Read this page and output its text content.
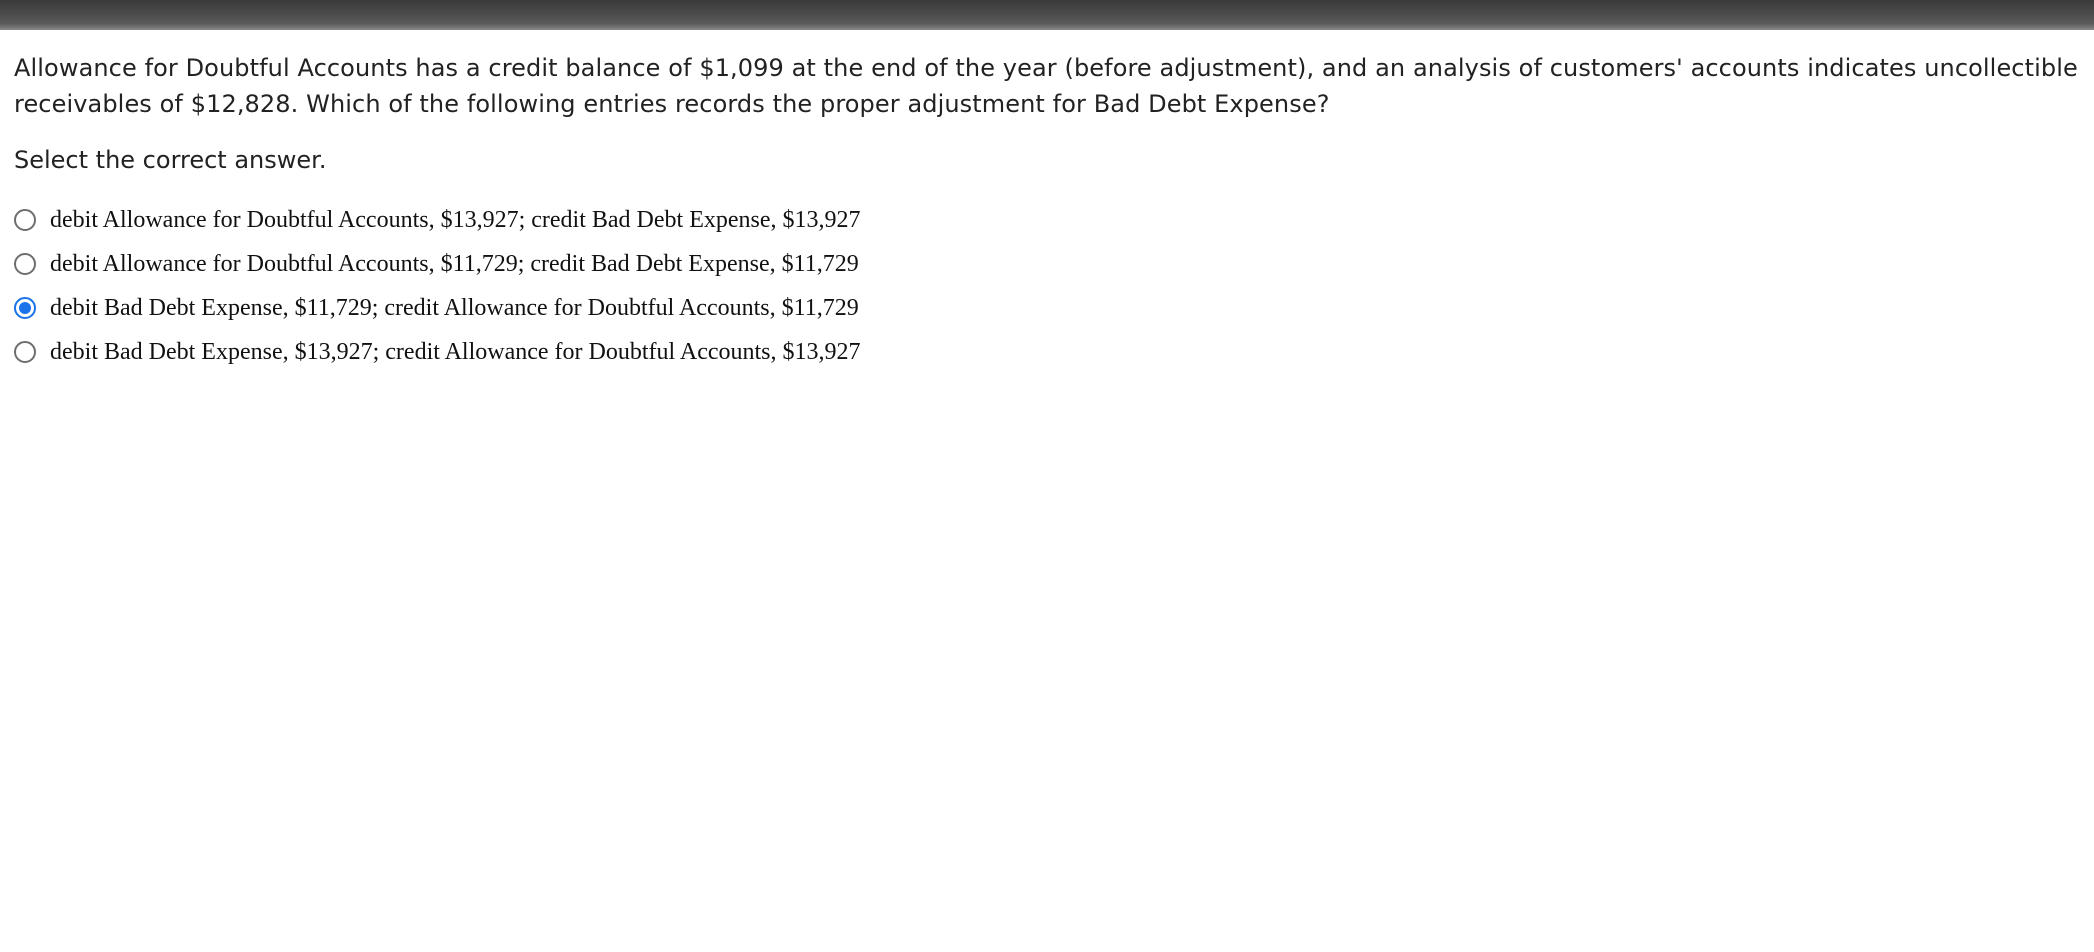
Allowance for Doubtful Accounts has a credit balance of $1,099 at the end of the year (before adjustment), and an analysis of customers' accounts indicates uncollectible receivables of $12,828. Which of the following entries records the proper adjustment for Bad Debt Expense?

Select the correct answer.

debit Allowance for Doubtful Accounts, $13,927; credit Bad Debt Expense, $13,927
debit Allowance for Doubtful Accounts, $11,729; credit Bad Debt Expense, $11,729
debit Bad Debt Expense, $11,729; credit Allowance for Doubtful Accounts, $11,729
debit Bad Debt Expense, $13,927; credit Allowance for Doubtful Accounts, $13,927
